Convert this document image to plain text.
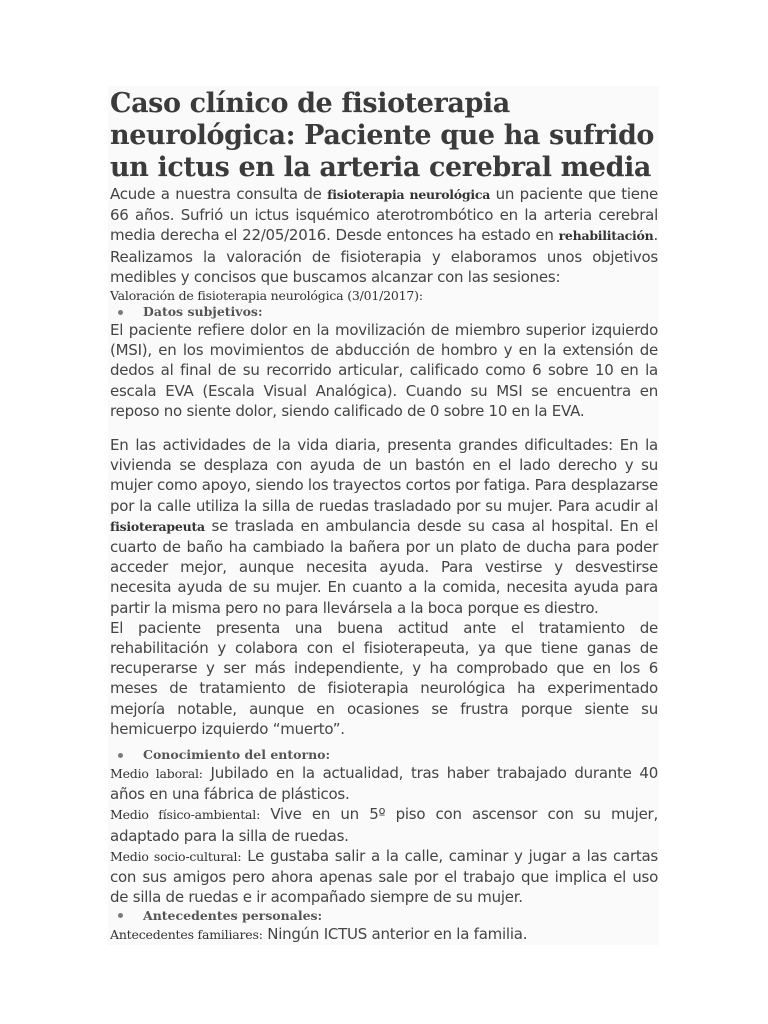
Caso clínico de fisioterapia neurológica: Paciente que ha sufrido un ictus en la arteria cerebral media

Acude a nuestra consulta de fisioterapia neurológica un paciente que tiene 66 años. Sufrió un ictus isquémico aterotrombótico en la arteria cerebral media derecha el 22/05/2016. Desde entonces ha estado en rehabilitación. Realizamos la valoración de fisioterapia y elaboramos unos objetivos medibles y concisos que buscamos alcanzar con las sesiones:

Valoración de fisioterapia neurológica (3/01/2017):
Datos subjetivos:

El paciente refiere dolor en la movilización de miembro superior izquierdo (MSI), en los movimientos de abducción de hombro y en la extensión de dedos al final de su recorrido articular, calificado como 6 sobre 10 en la escala EVA (Escala Visual Analógica). Cuando su MSI se encuentra en reposo no siente dolor, siendo calificado de 0 sobre 10 en la EVA.

En las actividades de la vida diaria, presenta grandes dificultades: En la vivienda se desplaza con ayuda de un bastón en el lado derecho y su mujer como apoyo, siendo los trayectos cortos por fatiga. Para desplazarse por la calle utiliza la silla de ruedas trasladado por su mujer. Para acudir al fisioterapeuta se traslada en ambulancia desde su casa al hospital. En el cuarto de baño ha cambiado la bañera por un plato de ducha para poder acceder mejor, aunque necesita ayuda. Para vestirse y desvestirse necesita ayuda de su mujer. En cuanto a la comida, necesita ayuda para partir la misma pero no para llevársela a la boca porque es diestro.

El paciente presenta una buena actitud ante el tratamiento de rehabilitación y colabora con el fisioterapeuta, ya que tiene ganas de recuperarse y ser más independiente, y ha comprobado que en los 6 meses de tratamiento de fisioterapia neurológica ha experimentado mejoría notable, aunque en ocasiones se frustra porque siente su hemicuerpo izquierdo “muerto”.

Conocimiento del entorno:

Medio laboral: Jubilado en la actualidad, tras haber trabajado durante 40 años en una fábrica de plásticos.

Medio físico-ambiental: Vive en un 5º piso con ascensor con su mujer, adaptado para la silla de ruedas.

Medio socio-cultural: Le gustaba salir a la calle, caminar y jugar a las cartas con sus amigos pero ahora apenas sale por el trabajo que implica el uso de silla de ruedas e ir acompañado siempre de su mujer.

Antecedentes personales:

Antecedentes familiares: Ningún ICTUS anterior en la familia.
